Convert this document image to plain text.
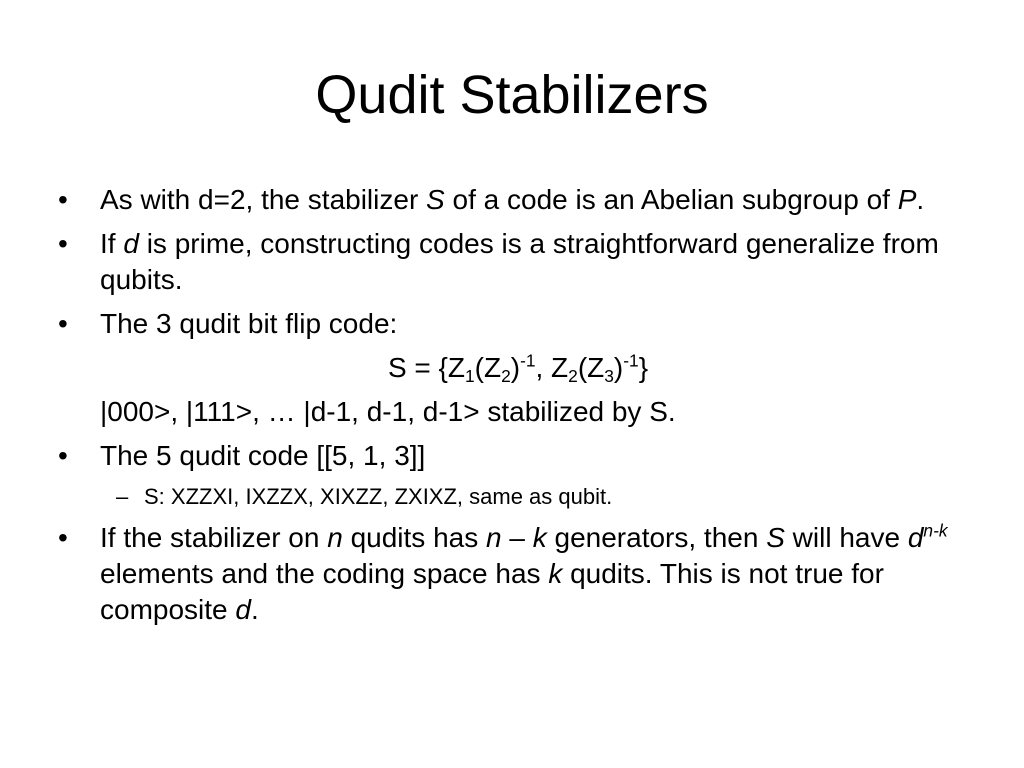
Qudit Stabilizers
•	As with d=2, the stabilizer S of a code is an Abelian subgroup of P.
•	If d is prime, constructing codes is a straightforward generalize from qubits.
•	The 3 qudit bit flip code:
$S = \{Z_1(Z_2)^{-1}$, $Z_2(Z_3)^{-1}$}
|000>, |111>, … |d-1, d-1, d-1> stabilized by S.
•	The 5 qudit code [[5, 1, 3]]
– S: XZZXI, IXZZX, XIXZZ, ZXIXZ, same as qubit.
•	If the stabilizer on n qudits has n – k generators, then S will have $d^{n-k}$ elements and the coding space has k qudits. This is not true for composite d.
